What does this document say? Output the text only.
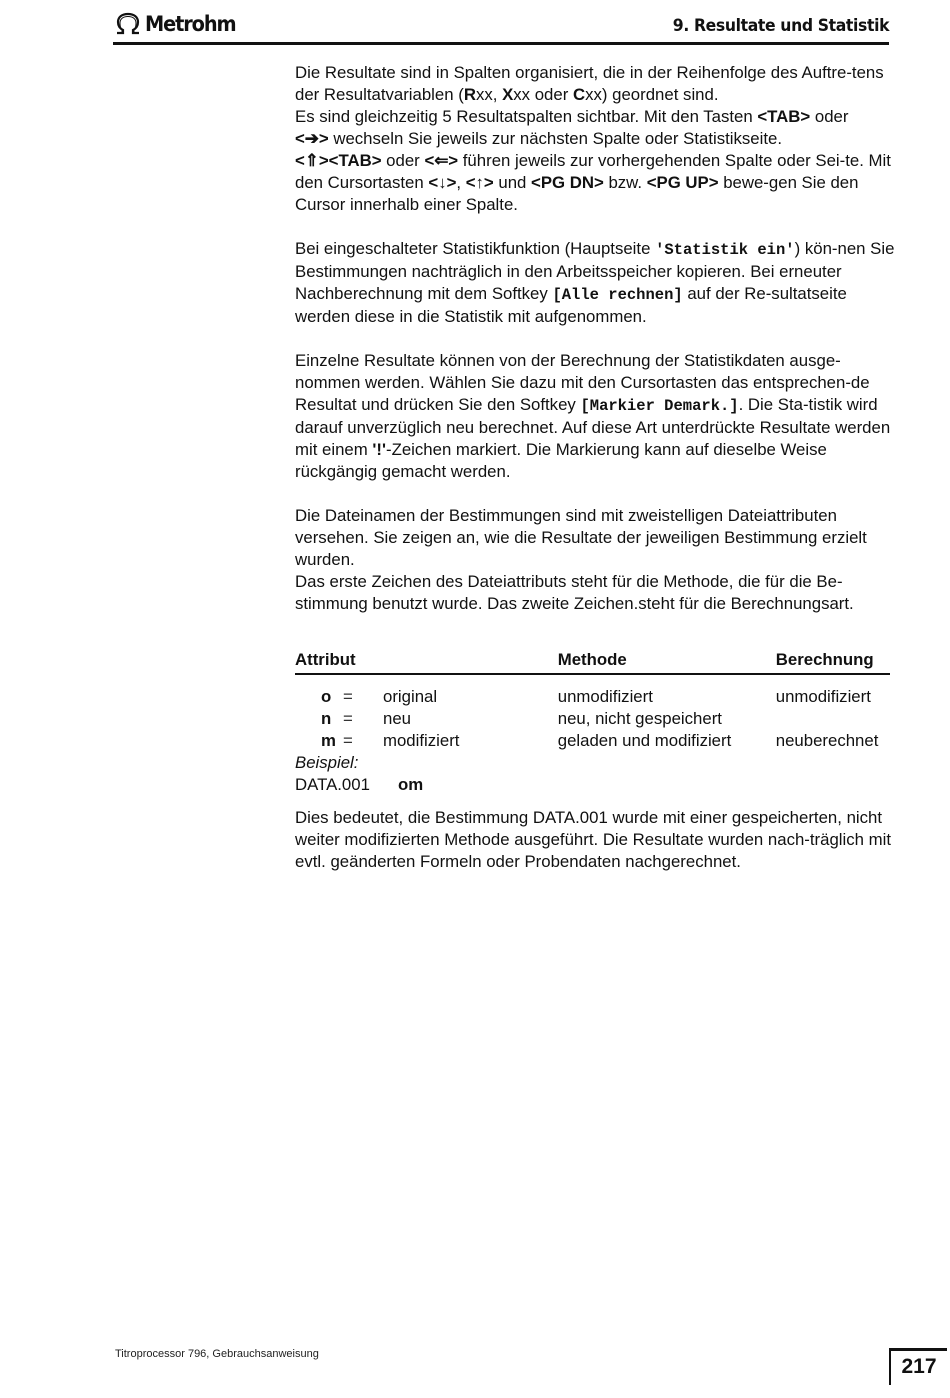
Metrohm	9. Resultate und Statistik

Die Resultate sind in Spalten organisiert, die in der Reihenfolge des Auftre-tens der Resultatvariablen (Rxx, Xxx oder Cxx) geordnet sind.
Es sind gleichzeitig 5 Resultatspalten sichtbar. Mit den Tasten <TAB> oder
<➔> wechseln Sie jeweils zur nächsten Spalte oder Statistikseite.
<⇑><TAB> oder <⇐> führen jeweils zur vorhergehenden Spalte oder Sei-te. Mit den Cursortasten <↓>, <↑> und <PG DN> bzw. <PG UP> bewe-gen Sie den Cursor innerhalb einer Spalte.

Bei eingeschalteter Statistikfunktion (Hauptseite 'Statistik ein') kön-nen Sie Bestimmungen nachträglich in den Arbeitsspeicher kopieren. Bei erneuter Nachberechnung mit dem Softkey [Alle rechnen] auf der Re-sultatseite werden diese in die Statistik mit aufgenommen.

Einzelne Resultate können von der Berechnung der Statistikdaten ausge-nommen werden. Wählen Sie dazu mit den Cursortasten das entsprechen-de Resultat und drücken Sie den Softkey [Markier Demark.]. Die Sta-tistik wird darauf unverzüglich neu berechnet. Auf diese Art unterdrückte Resultate werden mit einem '!'-Zeichen markiert. Die Markierung kann auf dieselbe Weise rückgängig gemacht werden.

Die Dateinamen der Bestimmungen sind mit zweistelligen Dateiattributen versehen. Sie zeigen an, wie die Resultate der jeweiligen Bestimmung erzielt wurden.
Das erste Zeichen des Dateiattributs steht für die Methode, die für die Be-stimmung benutzt wurde. Das zweite Zeichen.steht für die Berechnungsart.

Attribut				Methode	Berechnung
	o	=	original	unmodifiziert	unmodifiziert
	n	=	neu	neu, nicht gespeichert	
	m	=	modifiziert	geladen und modifiziert	neuberechnet

Beispiel:

DATA.001 om

Dies bedeutet, die Bestimmung DATA.001 wurde mit einer gespeicherten, nicht weiter modifizierten Methode ausgeführt. Die Resultate wurden nach-träglich mit evtl. geänderten Formeln oder Probendaten nachgerechnet.

Titroprocessor 796, Gebrauchsanweisung
217
